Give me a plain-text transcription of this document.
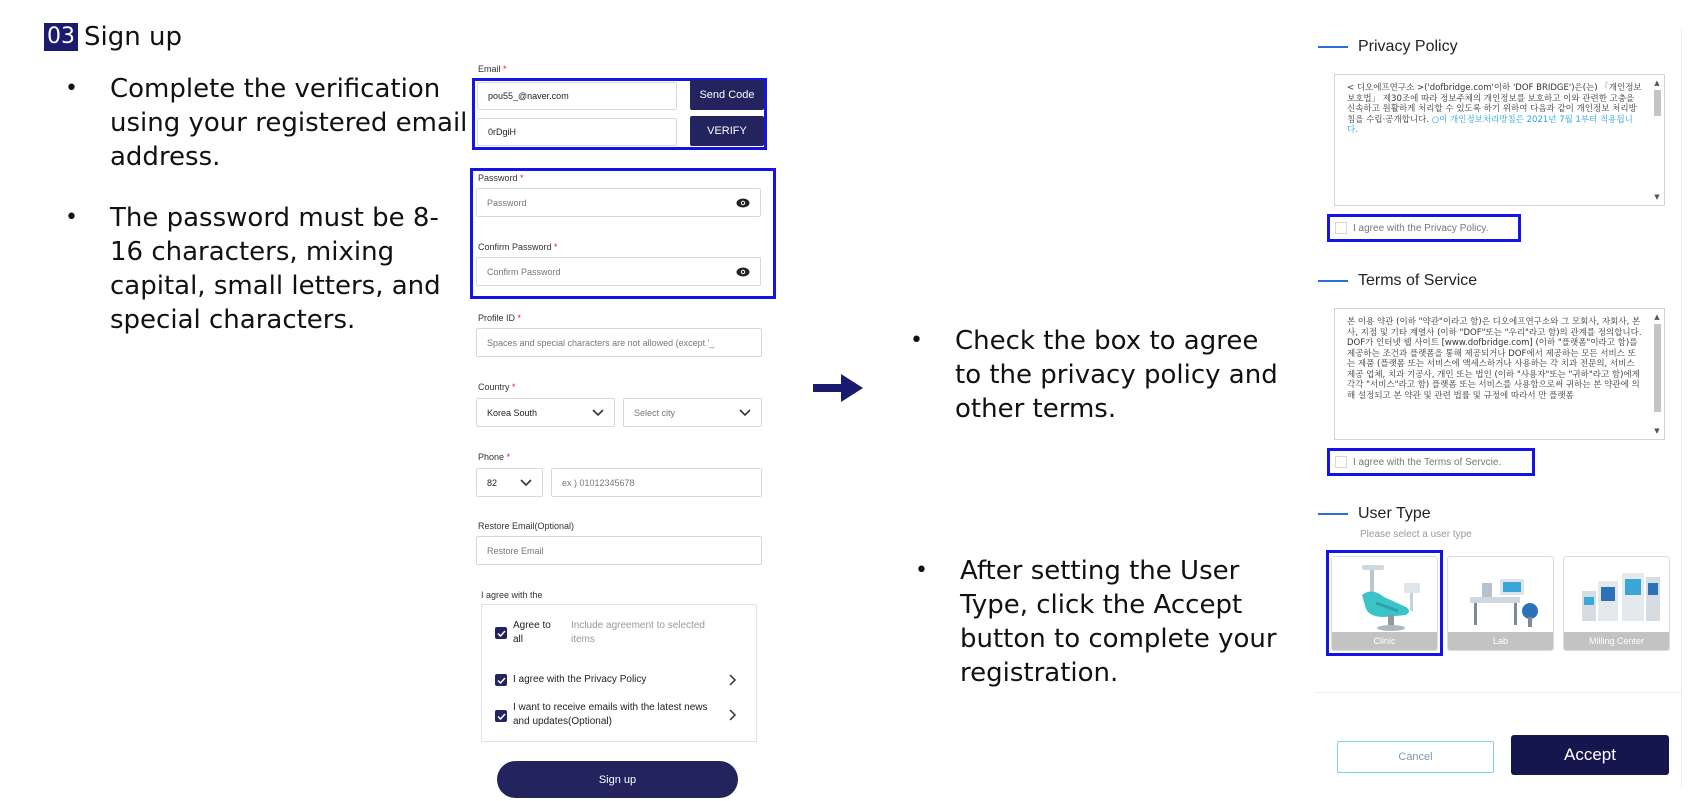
03 Sign up
• Complete the verification
using your registered email
address.
• The password must be 8-
16 characters, mixing
capital, small letters, and
special characters.
Email *
pou55_@naver.com	Send Code
0rDgiH	VERIFY
Password *
Password
Confirm Password *
Confirm Password
Profile ID *
Spaces and special characters are not allowed (except '_
Country *
Korea South	Select city
Phone *
82	ex ) 01012345678
Restore Email(Optional)
Restore Email
I agree with the
Agree to all
Include agreement to selected items
I agree with the Privacy Policy
I want to receive emails with the latest news and updates(Optional)
Sign up
• Check the box to agree
to the privacy policy and
other terms.
• After setting the User
Type, click the Accept
button to complete your
registration.
Privacy Policy
< 디오에프연구소 >('dofbridge.com'이하 'DOF BRIDGE')은(는) 「개인정보 보호법」 제30조에 따라 정보주체의 개인정보를 보호하고 이와 관련한 고충을 신속하고 원활하게 처리할 수 있도록 하기 위하여 다음과 같이 개인정보 처리방침을 수립·공개합니다. ○이 개인정보처리방침은 2021년 7월 1부터 적용됩니다.
▲
▼
I agree with the Privacy Policy.
Terms of Service
본 이용 약관 (이하 "약관"이라고 함)은 디오에프연구소와 그 모회사, 자회사, 본사, 지점 및 기타 계열사 (이하 "DOF"또는 "우리"라고 함)의 관계를 정의합니다. DOF가 인터넷 웹 사이트 [www.dofbridge.com] (이하 "플랫폼"이라고 함)를 제공하는 조건과 플랫폼을 통해 제공되거나 DOF에서 제공하는 모든 서비스 또는 제품 (플랫폼 또는 서비스에 액세스하거나 사용하는 각 치과 전문의, 서비스 제공 업체, 치과 기공사, 개인 또는 법인 (이하 "사용자"또는 "귀하"라고 함)에게 각각 "서비스"라고 함) 플랫폼 또는 서비스를 사용함으로써 귀하는 본 약관에 의해 설정되고 본 약관 및 관련 법률 및 규정에 따라서 만 플랫폼
▲
▼
I agree with the Terms of Servcie.
User Type
Please select a user type
Clinic	Lab	Milling Center
Cancel	Accept
